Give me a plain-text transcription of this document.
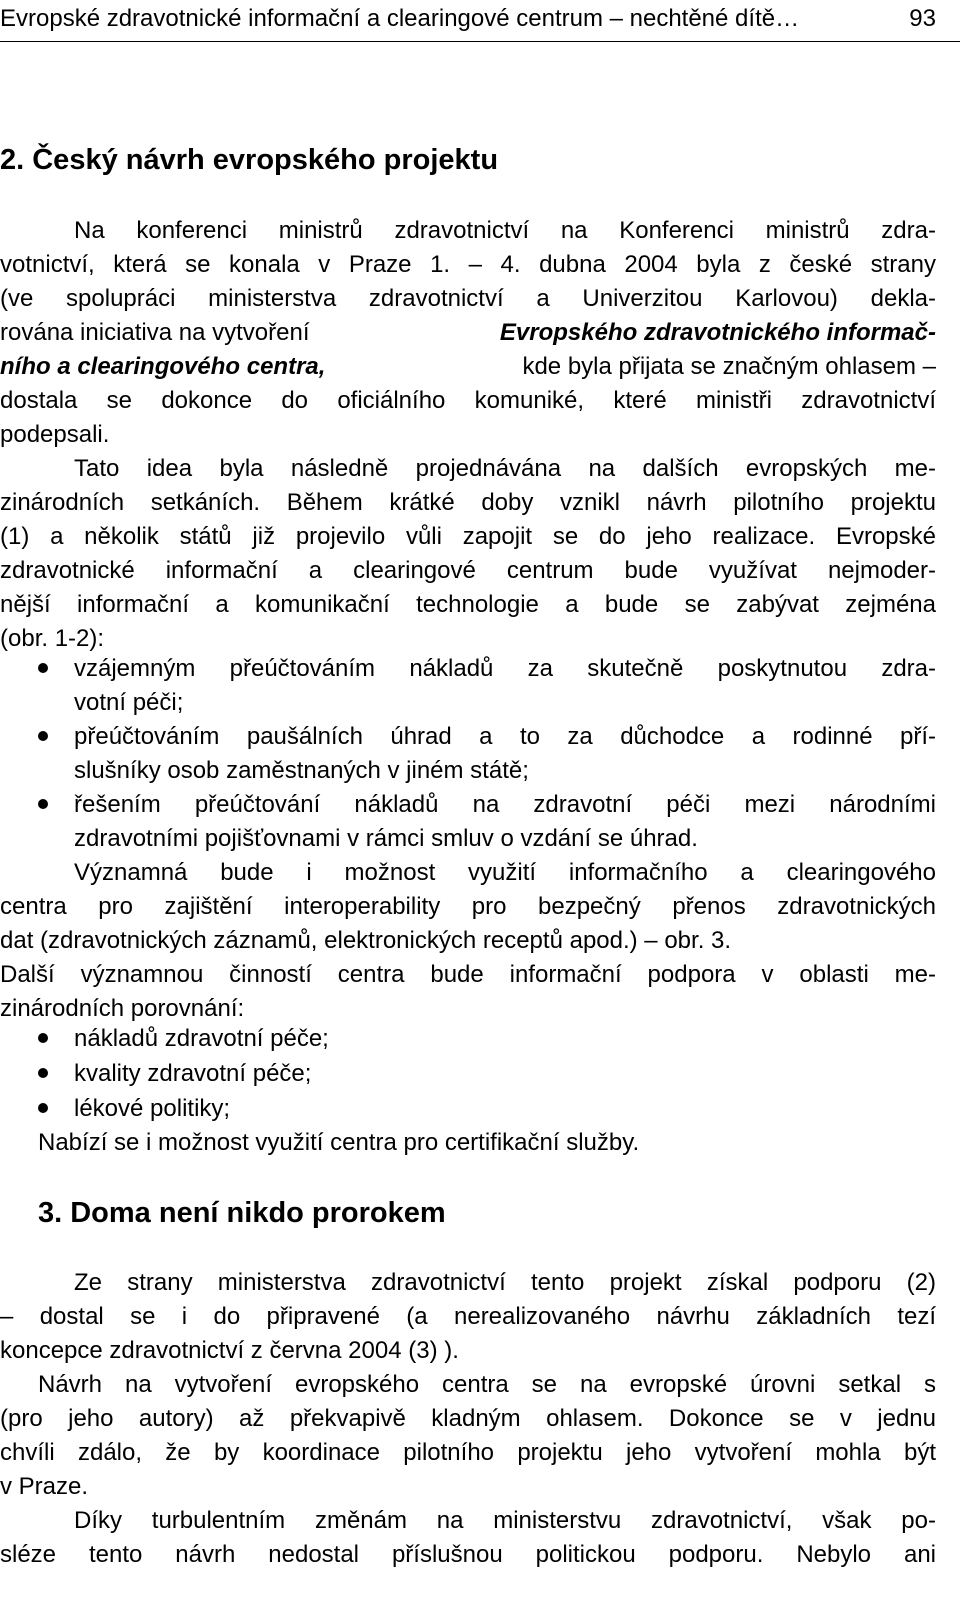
Evropské zdravotnické informační a clearingové centrum – nechtěné dítě…	93
2. Český návrh evropského projektu
Na konferenci ministrů zdravotnictví na Konferenci ministrů zdra-
votnictví, která se konala v Praze 1. – 4. dubna 2004 byla z české strany
(ve spolupráci ministerstva zdravotnictví a Univerzitou Karlovou) dekla-
rována iniciativa na vytvoření	Evropského zdravotnického informač-
ního a clearingového centra,	kde byla přijata se značným ohlasem –
dostala se dokonce do oficiálního komuniké, které ministři zdravotnictví
podepsali.
Tato idea byla následně projednávána na dalších evropských me-
zinárodních setkáních. Během krátké doby vznikl návrh pilotního projektu
(1) a několik států již projevilo vůli zapojit se do jeho realizace. Evropské
zdravotnické informační a clearingové centrum bude využívat nejmoder-
nější informační a komunikační technologie a bude se zabývat zejména
(obr. 1-2):
vzájemným přeúčtováním nákladů za skutečně poskytnutou zdra-
votní péči;
přeúčtováním paušálních úhrad a to za důchodce a rodinné pří-
slušníky osob zaměstnaných v jiném státě;
řešením přeúčtování nákladů na zdravotní péči mezi národními
zdravotními pojišťovnami v rámci smluv o vzdání se úhrad.
Významná bude i možnost využití informačního a clearingového
centra pro zajištění interoperability pro bezpečný přenos zdravotnických
dat (zdravotnických záznamů, elektronických receptů apod.) – obr. 3.
Další významnou činností centra bude informační podpora v oblasti me-
zinárodních porovnání:
nákladů zdravotní péče;
kvality zdravotní péče;
lékové politiky;
Nabízí se i možnost využití centra pro certifikační služby.
3. Doma není nikdo prorokem
Ze strany ministerstva zdravotnictví tento projekt získal podporu (2)
– dostal se i do připravené (a nerealizovaného návrhu základních tezí
koncepce zdravotnictví z června 2004 (3) ).
Návrh na vytvoření evropského centra se na evropské úrovni setkal s
(pro jeho autory) až překvapivě kladným ohlasem. Dokonce se v jednu
chvíli zdálo, že by koordinace pilotního projektu jeho vytvoření mohla být
v Praze.
Díky turbulentním změnám na ministerstvu zdravotnictví, však po-
sléze tento návrh nedostal příslušnou politickou podporu. Nebylo ani
